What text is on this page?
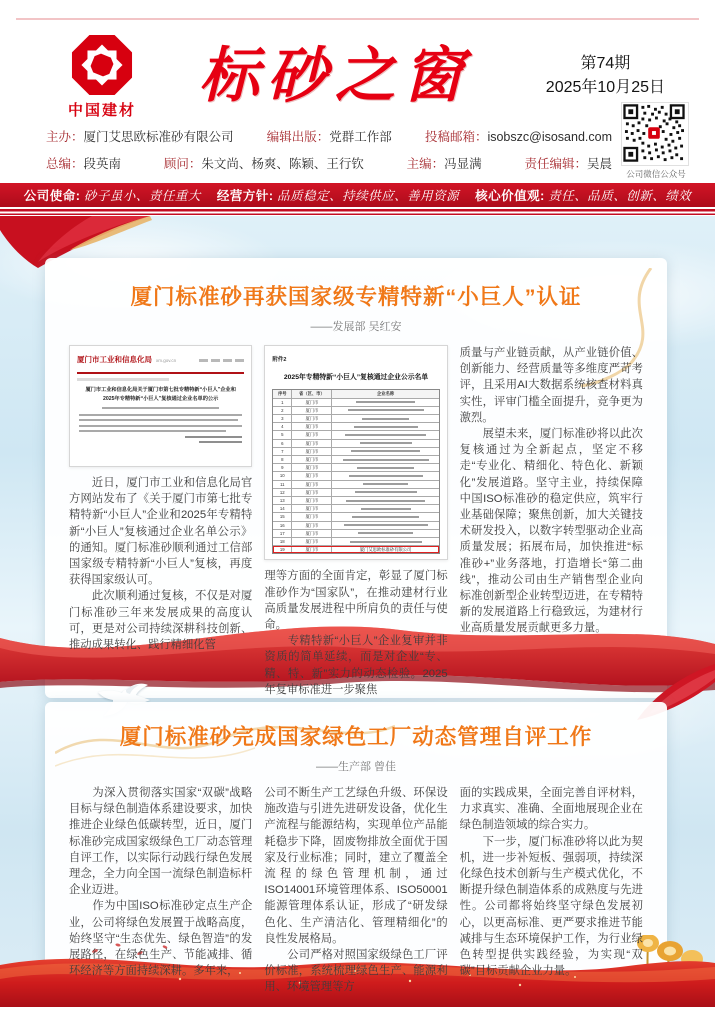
中国建材	标砂之窗	第74期
2025年10月25日
公司微信公众号
主办：厦门艾思欧标准砂有限公司	编辑出版：党群工作部	投稿邮箱：isobszc@isosand.com
总编：段英南	顾问：朱文尚、杨爽、陈颖、王行钦	主编：冯显满	责任编辑：吴晨
公司使命: 砂子虽小、责任重大 经营方针: 品质稳定、持续供应、善用资源 核心价值观: 责任、品质、创新、绩效
厦门标准砂再获国家级专精特新“小巨人”认证
——发展部 吴红安
厦门市工业和信息化局 xm.gov.cn
厦门市工业和信息化局关于厦门市第七批专精特新“小巨人”企业和2025年专精特新“小巨人”复核通过企业名单的公示

　　近日，厦门市工业和信息化局官方网站发布了《关于厦门市第七批专精特新“小巨人”企业和2025年专精特新“小巨人”复核通过企业名单公示》的通知。厦门标准砂顺利通过工信部国家级专精特新“小巨人”复核，再度获得国家级认可。

　　此次顺利通过复核，不仅是对厦门标准砂三年来发展成果的高度认可，更是对公司持续深耕科技创新、推动成果转化、践行精细化管

附件2
2025年专精特新“小巨人”复核通过企业公示名单
序号	省（区、市）	企业名称
1	厦门市
2	厦门市
3	厦门市
4	厦门市
5	厦门市
6	厦门市
7	厦门市
8	厦门市
9	厦门市
10	厦门市
11	厦门市
12	厦门市
13	厦门市
14	厦门市
15	厦门市
16	厦门市
17	厦门市
18	厦门市
19	厦门市	厦门艾思欧标准砂有限公司

理等方面的全面肯定，彰显了厦门标准砂作为“国家队”，在推动建材行业高质量发展进程中所肩负的责任与使命。

　　专精特新“小巨人”企业复审并非资质的简单延续，而是对企业“专、精、特、新”实力的动态检验。2025年复审标准进一步聚焦

质量与产业链贡献，从产业链价值、创新能力、经营质量等多维度严苛考评，且采用AI大数据系统核查材料真实性，评审门槛全面提升，竞争更为激烈。

　　展望未来，厦门标准砂将以此次复核通过为全新起点，坚定不移走“专业化、精细化、特色化、新颖化”发展道路。坚守主业，持续保障中国ISO标准砂的稳定供应，筑牢行业基础保障；聚焦创新，加大关键技术研发投入，以数字转型驱动企业高质量发展；拓展布局，加快推进“标准砂+”业务落地，打造增长“第二曲线”，推动公司由生产销售型企业向标准创新型企业转型迈进，在专精特新的发展道路上行稳致远，为建材行业高质量发展贡献更多力量。

厦门标准砂完成国家绿色工厂动态管理自评工作
——生产部 曾佳

　　为深入贯彻落实国家“双碳”战略目标与绿色制造体系建设要求，加快推进企业绿色低碳转型，近日，厦门标准砂完成国家级绿色工厂动态管理自评工作，以实际行动践行绿色发展理念，全力向全国一流绿色制造标杆企业迈进。

　　作为中国ISO标准砂定点生产企业，公司将绿色发展置于战略高度，始终坚守“生态优先、绿色智造”的发展路径，在绿色生产、节能减排、循环经济等方面持续深耕。多年来，

公司不断生产工艺绿色升级、环保设施改造与引进先进研发设备，优化生产流程与能源结构，实现单位产品能耗稳步下降，固废物排放全面优于国家及行业标准；同时，建立了覆盖全流程的绿色管理机制，通过ISO14001环境管理体系、ISO50001能源管理体系认证，形成了“研发绿色化、生产清洁化、管理精细化”的良性发展格局。

　　公司严格对照国家级绿色工厂评价标准，系统梳理绿色生产、能源利用、环境管理等方

面的实践成果，全面完善自评材料，力求真实、准确、全面地展现企业在绿色制造领域的综合实力。

　　下一步，厦门标准砂将以此为契机，进一步补短板、强弱项，持续深化绿色技术创新与生产模式优化，不断提升绿色制造体系的成熟度与先进性。公司都将始终坚守绿色发展初心，以更高标准、更严要求推进节能减排与生态环境保护工作，为行业绿色转型提供实践经验，为实现“双碳”目标贡献企业力量。
